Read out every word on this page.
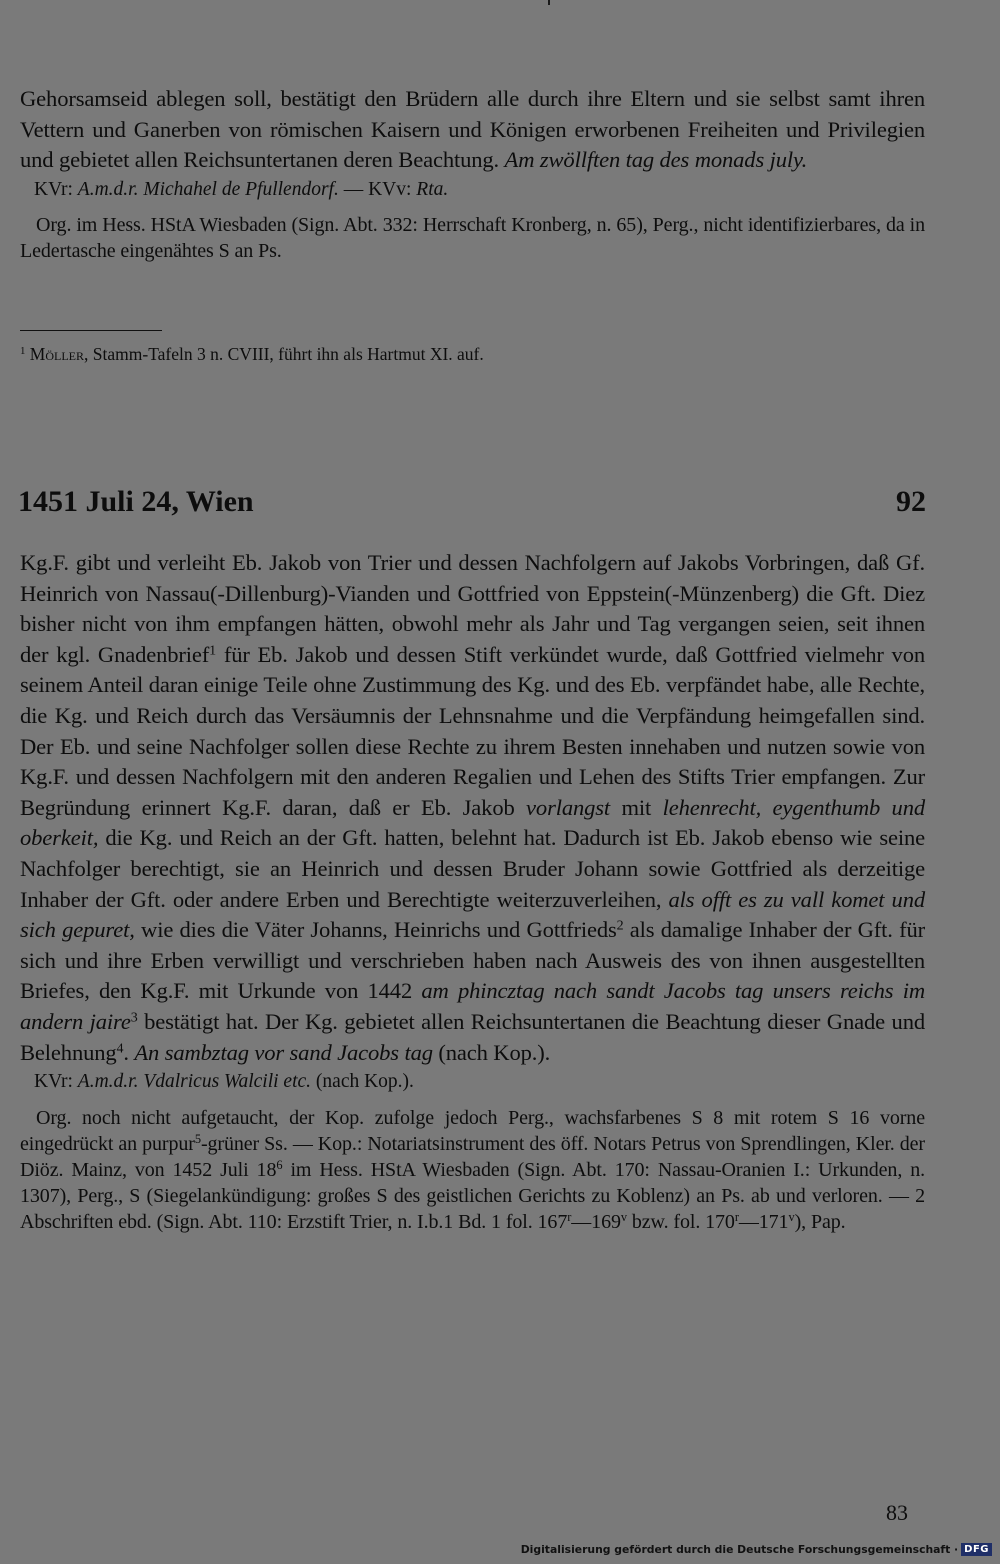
Gehorsamseid ablegen soll, bestätigt den Brüdern alle durch ihre Eltern und sie selbst samt ihren Vettern und Ganerben von römischen Kaisern und Königen erworbenen Freiheiten und Privilegien und gebietet allen Reichsuntertanen deren Beachtung. Am zwöllften tag des monads july.

KVr: A.m.d.r. Michahel de Pfullendorf. — KVv: Rta.

Org. im Hess. HStA Wiesbaden (Sign. Abt. 332: Herrschaft Kronberg, n. 65), Perg., nicht identifizierbares, da in Ledertasche eingenähtes S an Ps.

$^1$ Möller, Stamm-Tafeln 3 n. CVIII, führt ihn als Hartmut XI. auf.

1451 Juli 24, Wien	92

Kg.F. gibt und verleiht Eb. Jakob von Trier und dessen Nachfolgern auf Jakobs Vorbringen, daß Gf. Heinrich von Nassau(-Dillenburg)-Vianden und Gottfried von Eppstein(-Münzenberg) die Gft. Diez bisher nicht von ihm empfangen hätten, obwohl mehr als Jahr und Tag vergangen seien, seit ihnen der kgl. Gnadenbrief$^1$ für Eb. Jakob und dessen Stift verkündet wurde, daß Gottfried vielmehr von seinem Anteil daran einige Teile ohne Zustimmung des Kg. und des Eb. verpfändet habe, alle Rechte, die Kg. und Reich durch das Versäumnis der Lehnsnahme und die Verpfändung heimgefallen sind. Der Eb. und seine Nachfolger sollen diese Rechte zu ihrem Besten innehaben und nutzen sowie von Kg.F. und dessen Nachfolgern mit den anderen Regalien und Lehen des Stifts Trier empfangen. Zur Begründung erinnert Kg.F. daran, daß er Eb. Jakob vorlangst mit lehenrecht, eygenthumb und oberkeit, die Kg. und Reich an der Gft. hatten, belehnt hat. Dadurch ist Eb. Jakob ebenso wie seine Nachfolger berechtigt, sie an Heinrich und dessen Bruder Johann sowie Gottfried als derzeitige Inhaber der Gft. oder andere Erben und Berechtigte weiterzuverleihen, als offt es zu vall komet und sich gepuret, wie dies die Väter Johanns, Heinrichs und Gottfrieds$^2$ als damalige Inhaber der Gft. für sich und ihre Erben verwilligt und verschrieben haben nach Ausweis des von ihnen ausgestellten Briefes, den Kg.F. mit Urkunde von 1442 am phincztag nach sandt Jacobs tag unsers reichs im andern jaire$^3$ bestätigt hat. Der Kg. gebietet allen Reichsuntertanen die Beachtung dieser Gnade und Belehnung$^4$. An sambztag vor sand Jacobs tag (nach Kop.).

KVr: A.m.d.r. Vdalricus Walcili etc. (nach Kop.).

Org. noch nicht aufgetaucht, der Kop. zufolge jedoch Perg., wachsfarbenes S 8 mit rotem S 16 vorne eingedrückt an purpur$^5$-grüner Ss. — Kop.: Notariatsinstrument des öff. Notars Petrus von Sprendlingen, Kler. der Diöz. Mainz, von 1452 Juli $18^6$ im Hess. HStA Wiesbaden (Sign. Abt. 170: Nassau-Oranien I.: Urkunden, n. 1307), Perg., S (Siegelankündigung: großes S des geistlichen Gerichts zu Koblenz) an Ps. ab und verloren. — 2 Abschriften ebd. (Sign. Abt. 110: Erzstift Trier, n. I.b.1 Bd. 1 fol. 167$^r$—169$^v$ bzw. fol. 170$^r$—171$^v$), Pap.

83
Digitalisierung gefördert durch die Deutsche Forschungsgemeinschaft · DFG
